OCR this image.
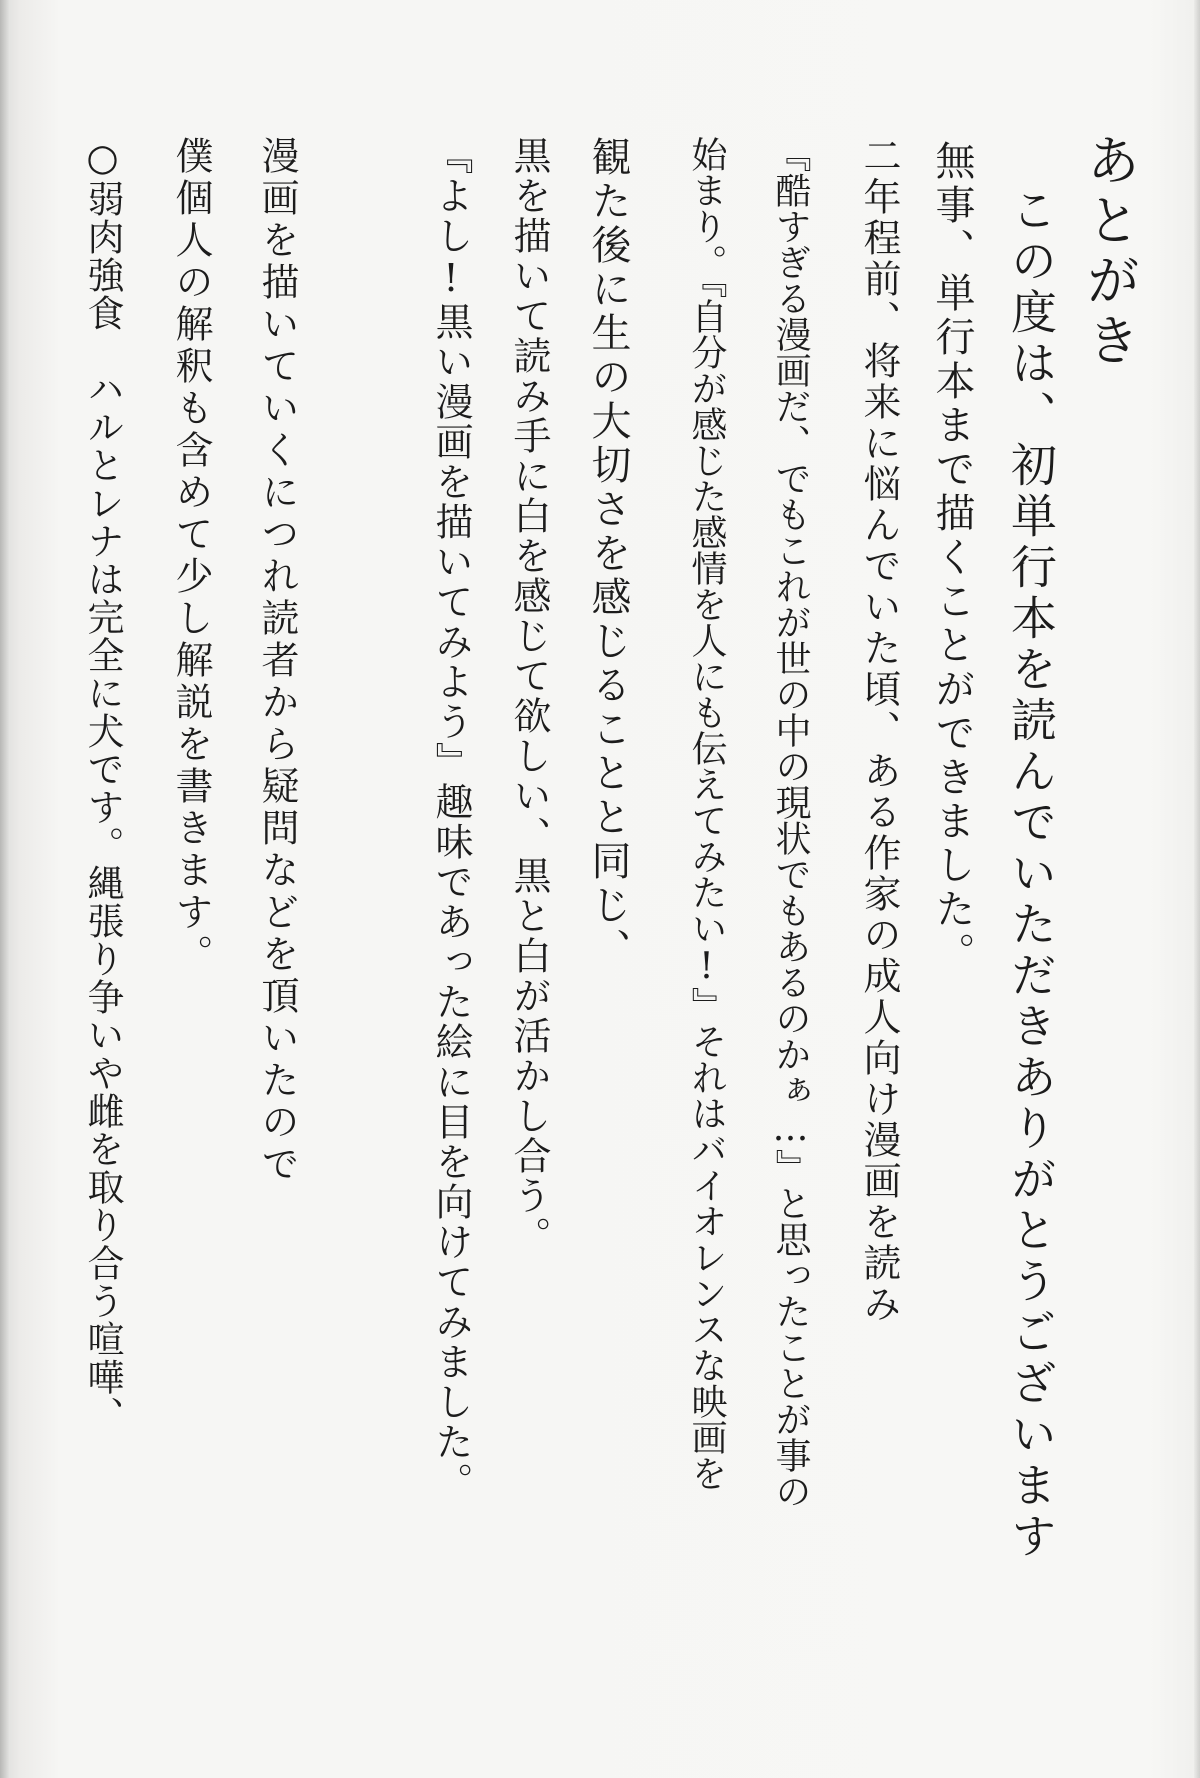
あとがき
この度は、初単行本を読んでいただきありがとうございます
無事、単行本まで描くことができました。
二年程前、将来に悩んでいた頃、ある作家の成人向け漫画を読み
『酷すぎる漫画だ、でもこれが世の中の現状でもあるのかぁ…』と思ったことが事の
始まり。『自分が感じた感情を人にも伝えてみたい!』それはバイオレンスな映画を
観た後に生の大切さを感じることと同じ、
黒を描いて読み手に白を感じて欲しい、黒と白が活かし合う。
『よし!黒い漫画を描いてみよう』趣味であった絵に目を向けてみました。
漫画を描いていくにつれ読者から疑問などを頂いたので
僕個人の解釈も含めて少し解説を書きます。
○弱肉強食　ハルとレナは完全に犬です。縄張り争いや雌を取り合う喧嘩、
